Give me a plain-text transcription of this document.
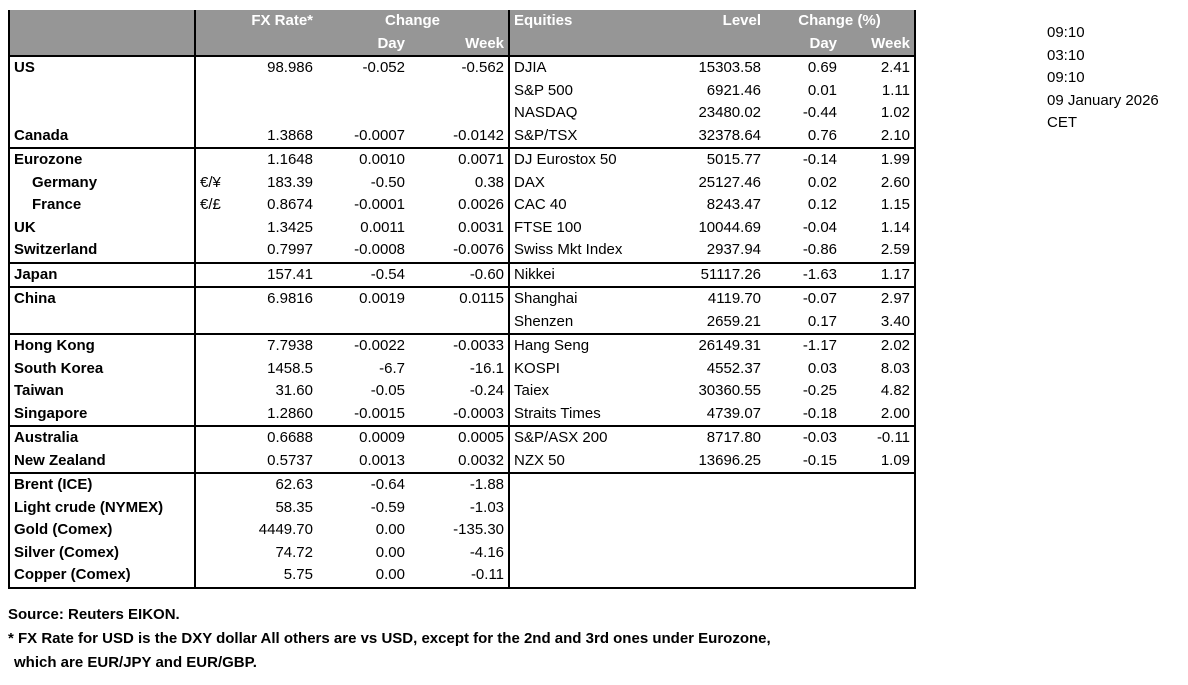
		FX Rate*	Change		Equities	Level	Change (%)	
			Day	Week			Day	Week
US		98.986	-0.052	-0.562	DJIA	15303.58	0.69	2.41
					S&P 500	6921.46	0.01	1.11
					NASDAQ	23480.02	-0.44	1.02
Canada		1.3868	-0.0007	-0.0142	S&P/TSX	32378.64	0.76	2.10
Eurozone		1.1648	0.0010	0.0071	DJ Eurostox 50	5015.77	-0.14	1.99
Germany	€/¥	183.39	-0.50	0.38	DAX	25127.46	0.02	2.60
France	€/£	0.8674	-0.0001	0.0026	CAC 40	8243.47	0.12	1.15
UK		1.3425	0.0011	0.0031	FTSE 100	10044.69	-0.04	1.14
Switzerland		0.7997	-0.0008	-0.0076	Swiss Mkt Index	2937.94	-0.86	2.59
Japan		157.41	-0.54	-0.60	Nikkei	51117.26	-1.63	1.17
China		6.9816	0.0019	0.0115	Shanghai	4119.70	-0.07	2.97
					Shenzen	2659.21	0.17	3.40
Hong Kong		7.7938	-0.0022	-0.0033	Hang Seng	26149.31	-1.17	2.02
South Korea		1458.5	-6.7	-16.1	KOSPI	4552.37	0.03	8.03
Taiwan		31.60	-0.05	-0.24	Taiex	30360.55	-0.25	4.82
Singapore		1.2860	-0.0015	-0.0003	Straits Times	4739.07	-0.18	2.00
Australia		0.6688	0.0009	0.0005	S&P/ASX 200	8717.80	-0.03	-0.11
New Zealand		0.5737	0.0013	0.0032	NZX 50	13696.25	-0.15	1.09
Brent (ICE)		62.63	-0.64	-1.88				
Light crude (NYMEX)		58.35	-0.59	-1.03				
Gold (Comex)		4449.70	0.00	-135.30				
Silver (Comex)		74.72	0.00	-4.16				
Copper (Comex)		5.75	0.00	-0.11				
09:10
03:10
09:10
09 January 2026
CET
Source: Reuters EIKON.
* FX Rate for USD is the DXY dollar All others are vs USD, except for the 2nd and 3rd ones under Eurozone,
which are EUR/JPY and EUR/GBP.
